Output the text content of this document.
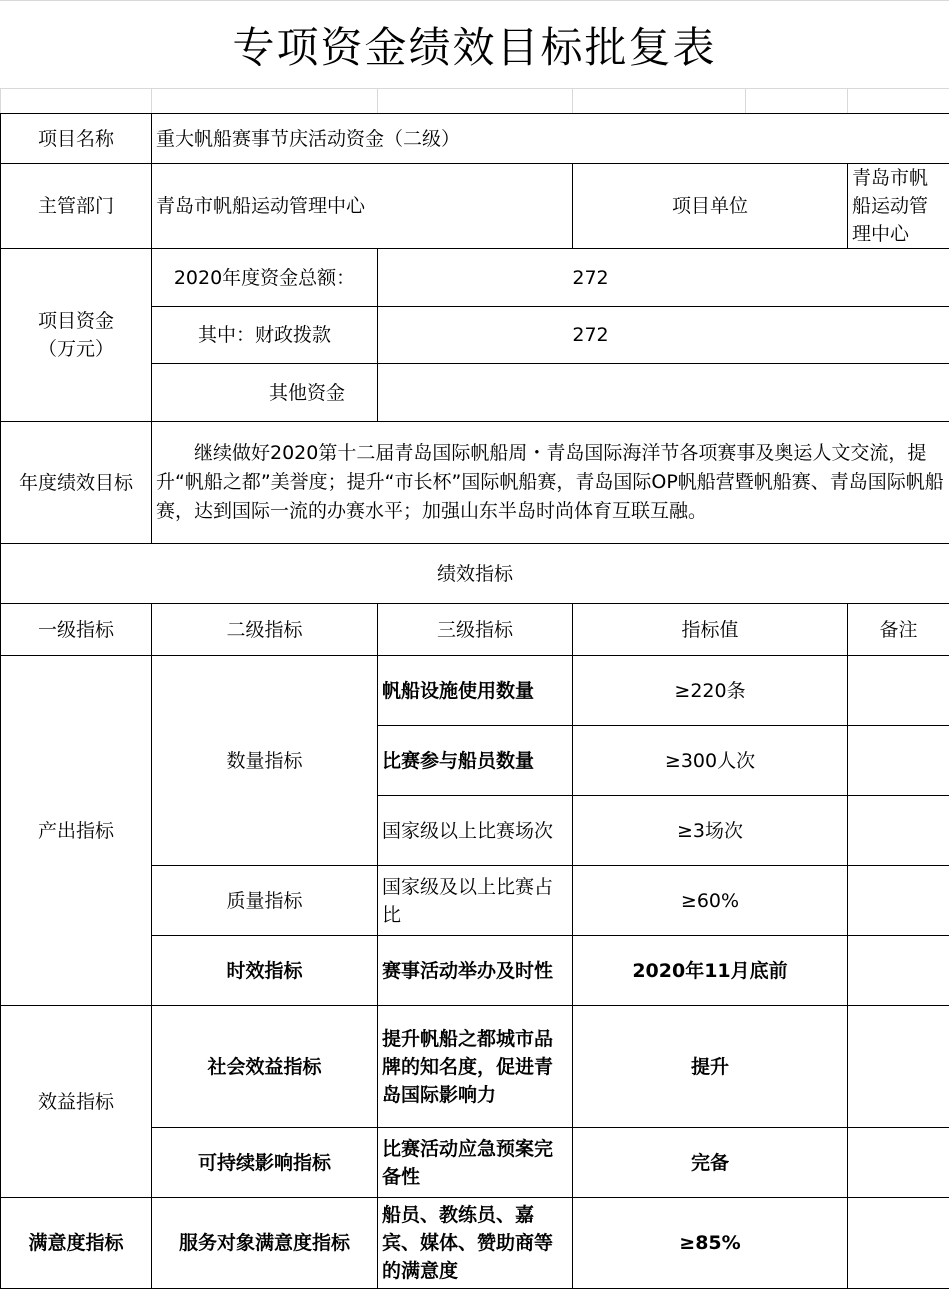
专项资金绩效目标批复表

项目名称	重大帆船赛事节庆活动资金（二级）				
主管部门	青岛市帆船运动管理中心		项目单位		青岛市帆船运动管理中心
项目资金
（万元）	2020年度资金总额：	272			
	其中：财政拨款	272			
	其他资金				
年度绩效目标	继续做好2020第十二届青岛国际帆船周・青岛国际海洋节各项赛事及奥运人文交流，提升“帆船之都”美誉度；提升“市长杯”国际帆船赛，青岛国际OP帆船营暨帆船赛、青岛国际帆船赛，达到国际一流的办赛水平；加强山东半岛时尚体育互联互融。				
绩效指标					
一级指标	二级指标	三级指标	指标值		备注
产出指标	数量指标	帆船设施使用数量	≥220条		
		比赛参与船员数量	≥300人次		
		国家级以上比赛场次	≥3场次		
	质量指标	国家级及以上比赛占比	≥60%		
	时效指标	赛事活动举办及时性	2020年11月底前		
效益指标	社会效益指标	提升帆船之都城市品牌的知名度，促进青岛国际影响力	提升		
	可持续影响指标	比赛活动应急预案完备性	完备		
满意度指标	服务对象满意度指标	船员、教练员、嘉宾、媒体、赞助商等的满意度	≥85%		
